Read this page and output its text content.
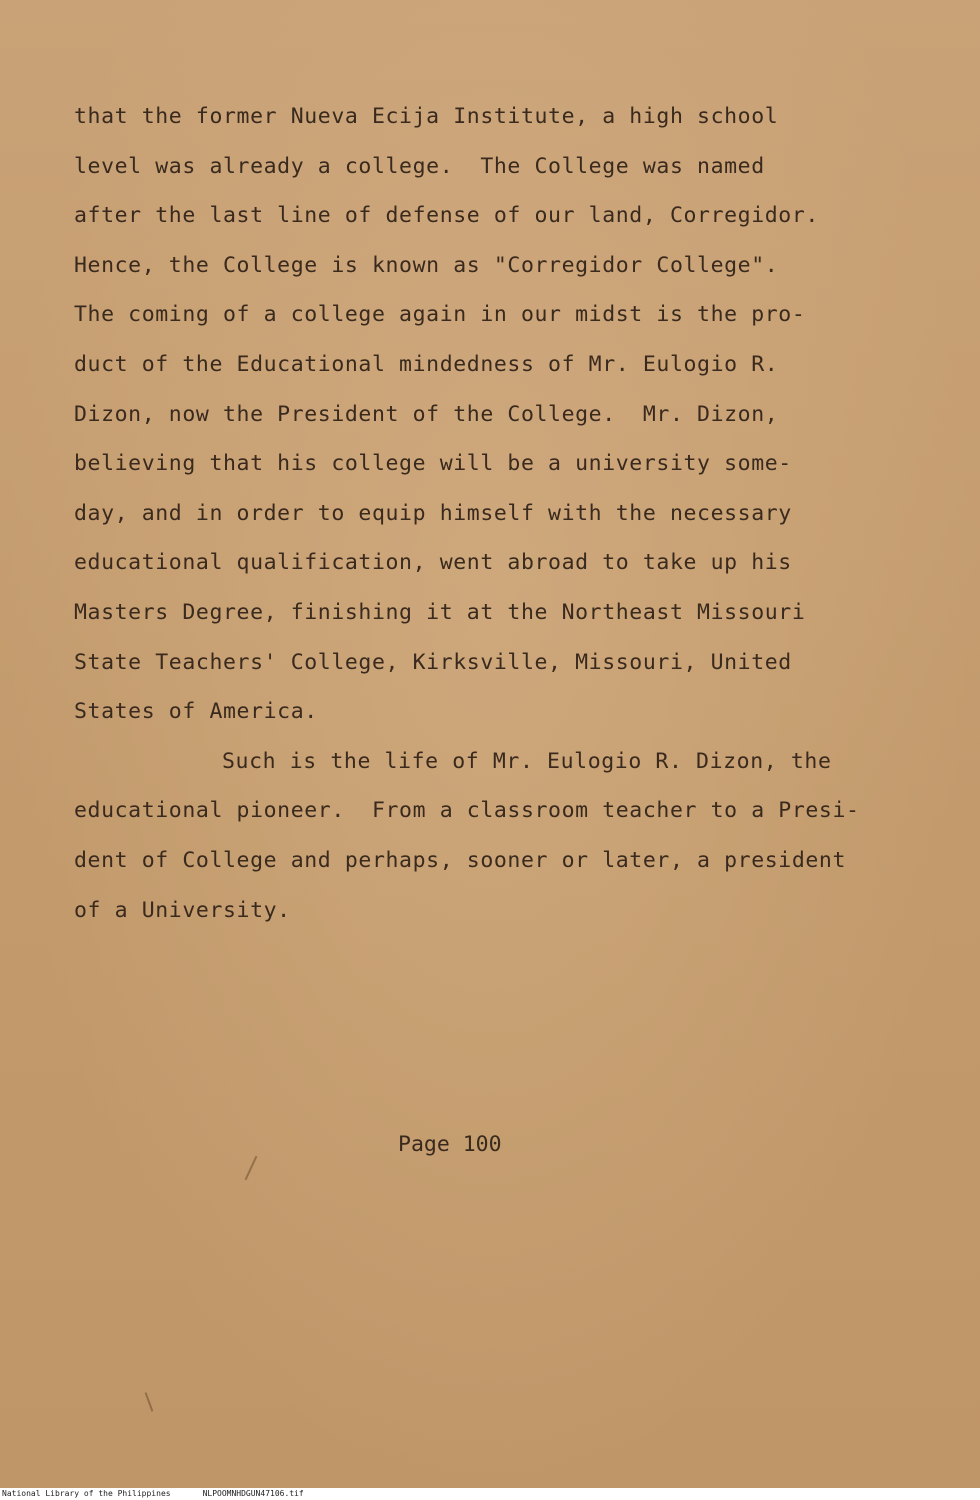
that the former Nueva Ecija Institute, a high school
level was already a college.  The College was named
after the last line of defense of our land, Corregidor.
Hence, the College is known as "Corregidor College".
The coming of a college again in our midst is the pro-
duct of the Educational mindedness of Mr. Eulogio R.
Dizon, now the President of the College.  Mr. Dizon,
believing that his college will be a university some-
day, and in order to equip himself with the necessary
educational qualification, went abroad to take up his
Masters Degree, finishing it at the Northeast Missouri
State Teachers' College, Kirksville, Missouri, United
States of America.
Such is the life of Mr. Eulogio R. Dizon, the
educational pioneer.  From a classroom teacher to a Presi-
dent of College and perhaps, sooner or later, a president
of a University.
Page 100
National Library of the Philippines	NLPOOMNHDGUN47106.tif
